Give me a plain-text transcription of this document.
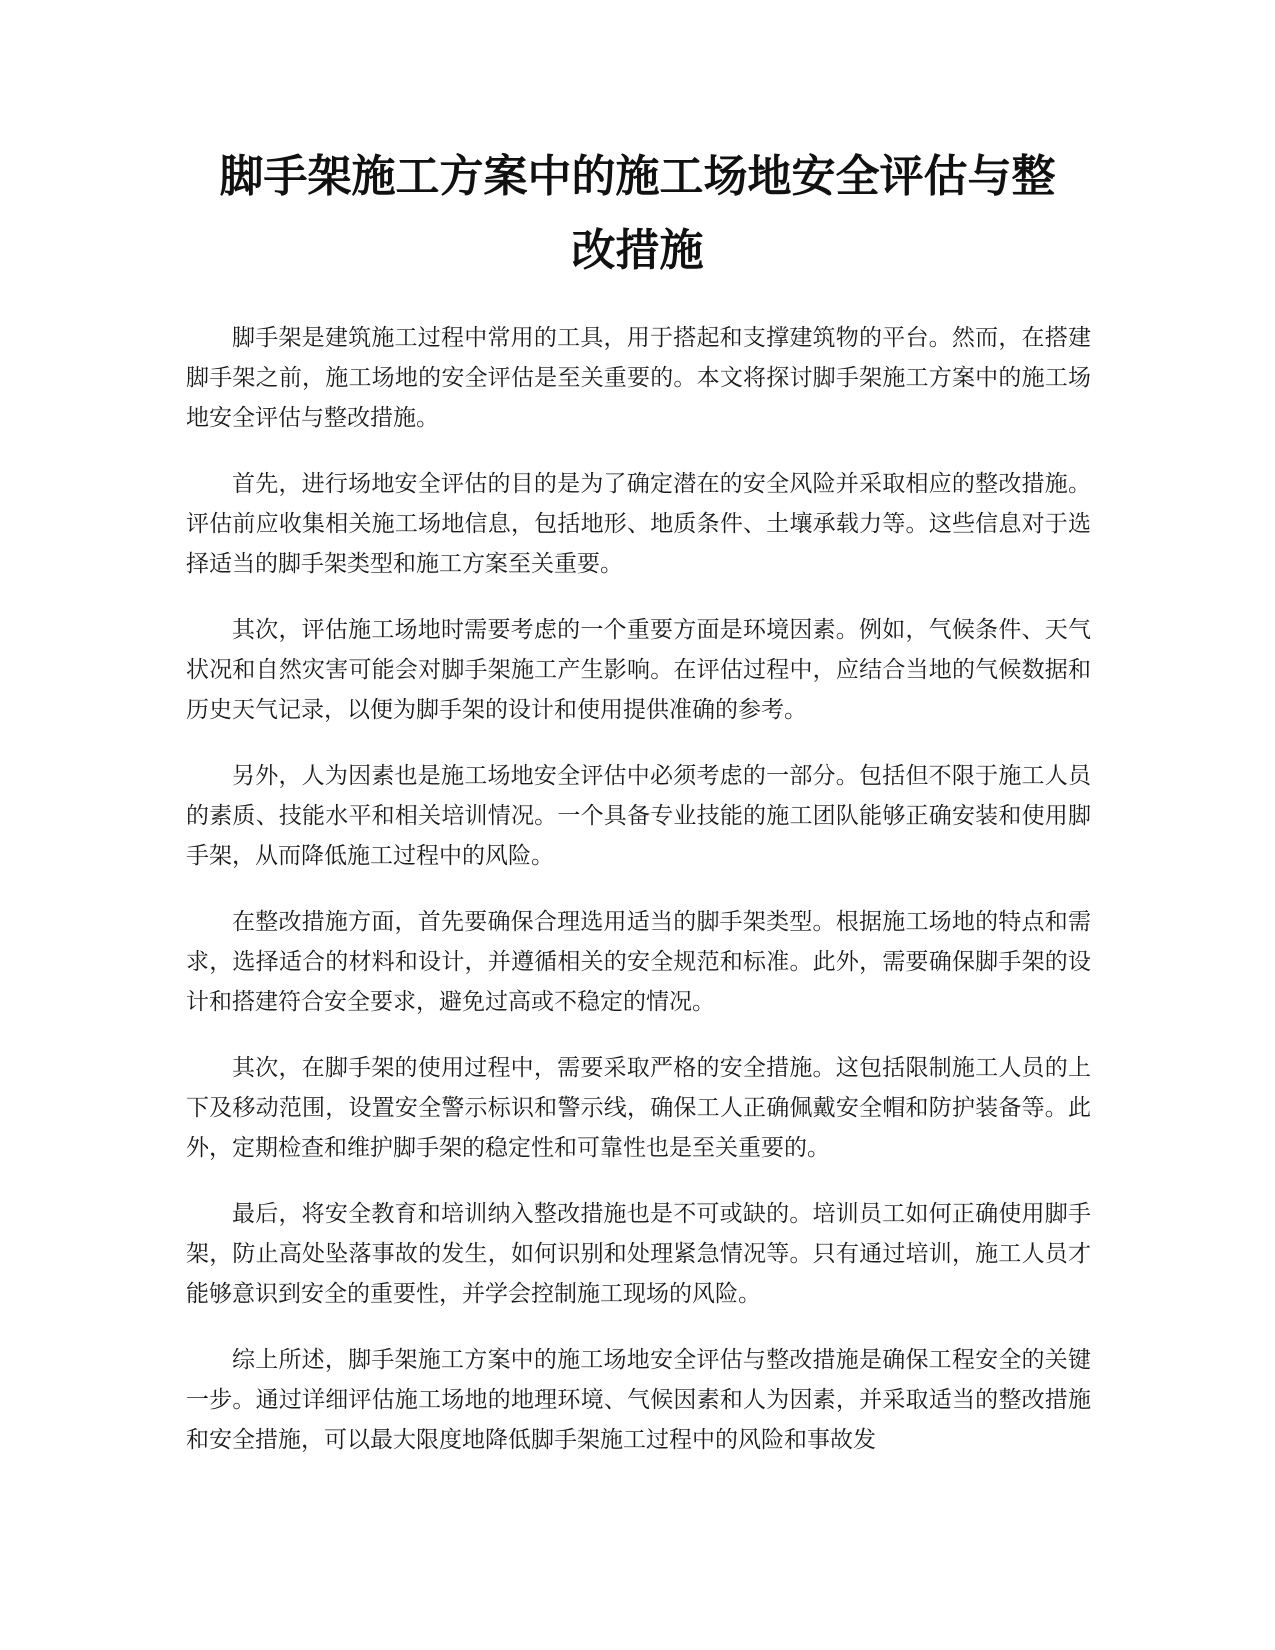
脚手架施工方案中的施工场地安全评估与整
改措施

脚手架是建筑施工过程中常用的工具，用于搭起和支撑建筑物的平台。然而，在搭建脚手架之前，施工场地的安全评估是至关重要的。本文将探讨脚手架施工方案中的施工场地安全评估与整改措施。

首先，进行场地安全评估的目的是为了确定潜在的安全风险并采取相应的整改措施。评估前应收集相关施工场地信息，包括地形、地质条件、土壤承载力等。这些信息对于选择适当的脚手架类型和施工方案至关重要。

其次，评估施工场地时需要考虑的一个重要方面是环境因素。例如，气候条件、天气状况和自然灾害可能会对脚手架施工产生影响。在评估过程中，应结合当地的气候数据和历史天气记录，以便为脚手架的设计和使用提供准确的参考。

另外，人为因素也是施工场地安全评估中必须考虑的一部分。包括但不限于施工人员的素质、技能水平和相关培训情况。一个具备专业技能的施工团队能够正确安装和使用脚手架，从而降低施工过程中的风险。

在整改措施方面，首先要确保合理选用适当的脚手架类型。根据施工场地的特点和需求，选择适合的材料和设计，并遵循相关的安全规范和标准。此外，需要确保脚手架的设计和搭建符合安全要求，避免过高或不稳定的情况。

其次，在脚手架的使用过程中，需要采取严格的安全措施。这包括限制施工人员的上下及移动范围，设置安全警示标识和警示线，确保工人正确佩戴安全帽和防护装备等。此外，定期检查和维护脚手架的稳定性和可靠性也是至关重要的。

最后，将安全教育和培训纳入整改措施也是不可或缺的。培训员工如何正确使用脚手架，防止高处坠落事故的发生，如何识别和处理紧急情况等。只有通过培训，施工人员才能够意识到安全的重要性，并学会控制施工现场的风险。

综上所述，脚手架施工方案中的施工场地安全评估与整改措施是确保工程安全的关键一步。通过详细评估施工场地的地理环境、气候因素和人为因素，并采取适当的整改措施和安全措施，可以最大限度地降低脚手架施工过程中的风险和事故发
